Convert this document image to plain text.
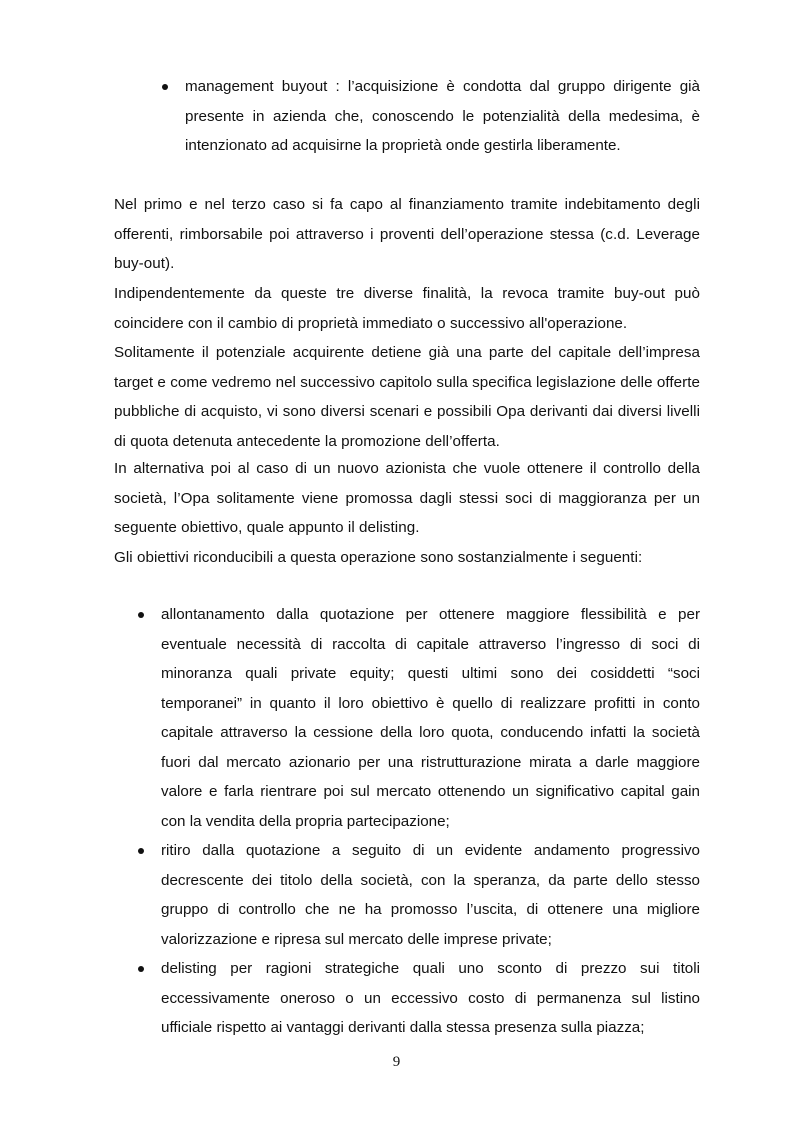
management buyout : l’acquisizione è condotta dal gruppo dirigente già presente in azienda che, conoscendo le potenzialità della medesima, è intenzionato ad acquisirne la proprietà onde gestirla liberamente.
Nel primo e nel terzo caso si fa capo al finanziamento tramite indebitamento degli offerenti, rimborsabile poi attraverso i proventi dell’operazione stessa (c.d. Leverage buy-out).
Indipendentemente da queste tre diverse finalità, la revoca tramite buy-out può coincidere con il cambio di proprietà immediato o successivo all'operazione.
Solitamente il potenziale acquirente detiene già una parte del capitale dell’impresa target e come vedremo nel successivo capitolo sulla specifica legislazione delle offerte pubbliche di acquisto, vi sono diversi scenari e possibili Opa derivanti dai diversi livelli di quota detenuta antecedente la promozione dell’offerta.
In alternativa poi al caso di un nuovo azionista che vuole ottenere il controllo della società, l’Opa solitamente viene promossa dagli stessi soci di maggioranza per un seguente obiettivo, quale appunto il delisting.
Gli obiettivi riconducibili a questa operazione sono sostanzialmente i seguenti:
allontanamento dalla quotazione per ottenere maggiore flessibilità e per eventuale necessità di raccolta di capitale attraverso l’ingresso di soci di minoranza quali private equity; questi ultimi sono dei cosiddetti “soci temporanei” in quanto il loro obiettivo è quello di realizzare profitti in conto capitale attraverso la cessione della loro quota, conducendo infatti la società fuori dal mercato azionario per una ristrutturazione mirata a darle maggiore valore e farla rientrare poi sul mercato ottenendo un significativo capital gain con la vendita della propria partecipazione;
ritiro dalla quotazione a seguito di un evidente andamento progressivo decrescente dei titolo della società, con la speranza, da parte dello stesso gruppo di controllo che ne ha promosso l’uscita, di ottenere una migliore valorizzazione e ripresa sul mercato delle imprese private;
delisting per ragioni strategiche quali uno sconto di prezzo sui titoli eccessivamente oneroso o un eccessivo costo di permanenza sul listino ufficiale rispetto ai vantaggi derivanti dalla stessa presenza sulla piazza;
9
